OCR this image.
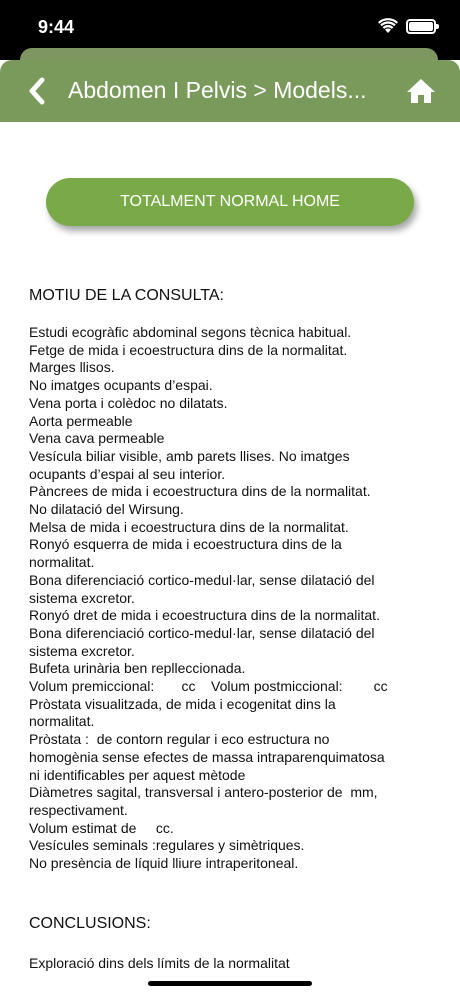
9:44
Abdomen I Pelvis > Models...
TOTALMENT NORMAL HOME
MOTIU DE LA CONSULTA:
Estudi ecogràfic abdominal segons tècnica habitual.
Fetge de mida i ecoestructura dins de la normalitat.
Marges llisos.
No imatges ocupants d’espai.
Vena porta i colèdoc no dilatats.
Aorta permeable
Vena cava permeable
Vesícula biliar visible, amb parets llises. No imatges
ocupants d’espai al seu interior.
Pàncrees de mida i ecoestructura dins de la normalitat.
No dilatació del Wirsung.
Melsa de mida i ecoestructura dins de la normalitat.
Ronyó esquerra de mida i ecoestructura dins de la
normalitat.
Bona diferenciació cortico-medul·lar, sense dilatació del
sistema excretor.
Ronyó dret de mida i ecoestructura dins de la normalitat.
Bona diferenciació cortico-medul·lar, sense dilatació del
sistema excretor.
Bufeta urinària ben replleccionada.
Volum premiccional:       cc    Volum postmiccional:        cc
Pròstata visualitzada, de mida i ecogenitat dins la
normalitat.
Pròstata :  de contorn regular i eco estructura no
homogènia sense efectes de massa intraparenquimatosa
ni identificables per aquest mètode
Diàmetres sagital, transversal i antero-posterior de  mm,
respectivament.
Volum estimat de     cc.
Vesícules seminals :regulares y simètriques.
No presència de líquid lliure intraperitoneal.
CONCLUSIONS:
Exploració dins dels límits de la normalitat
